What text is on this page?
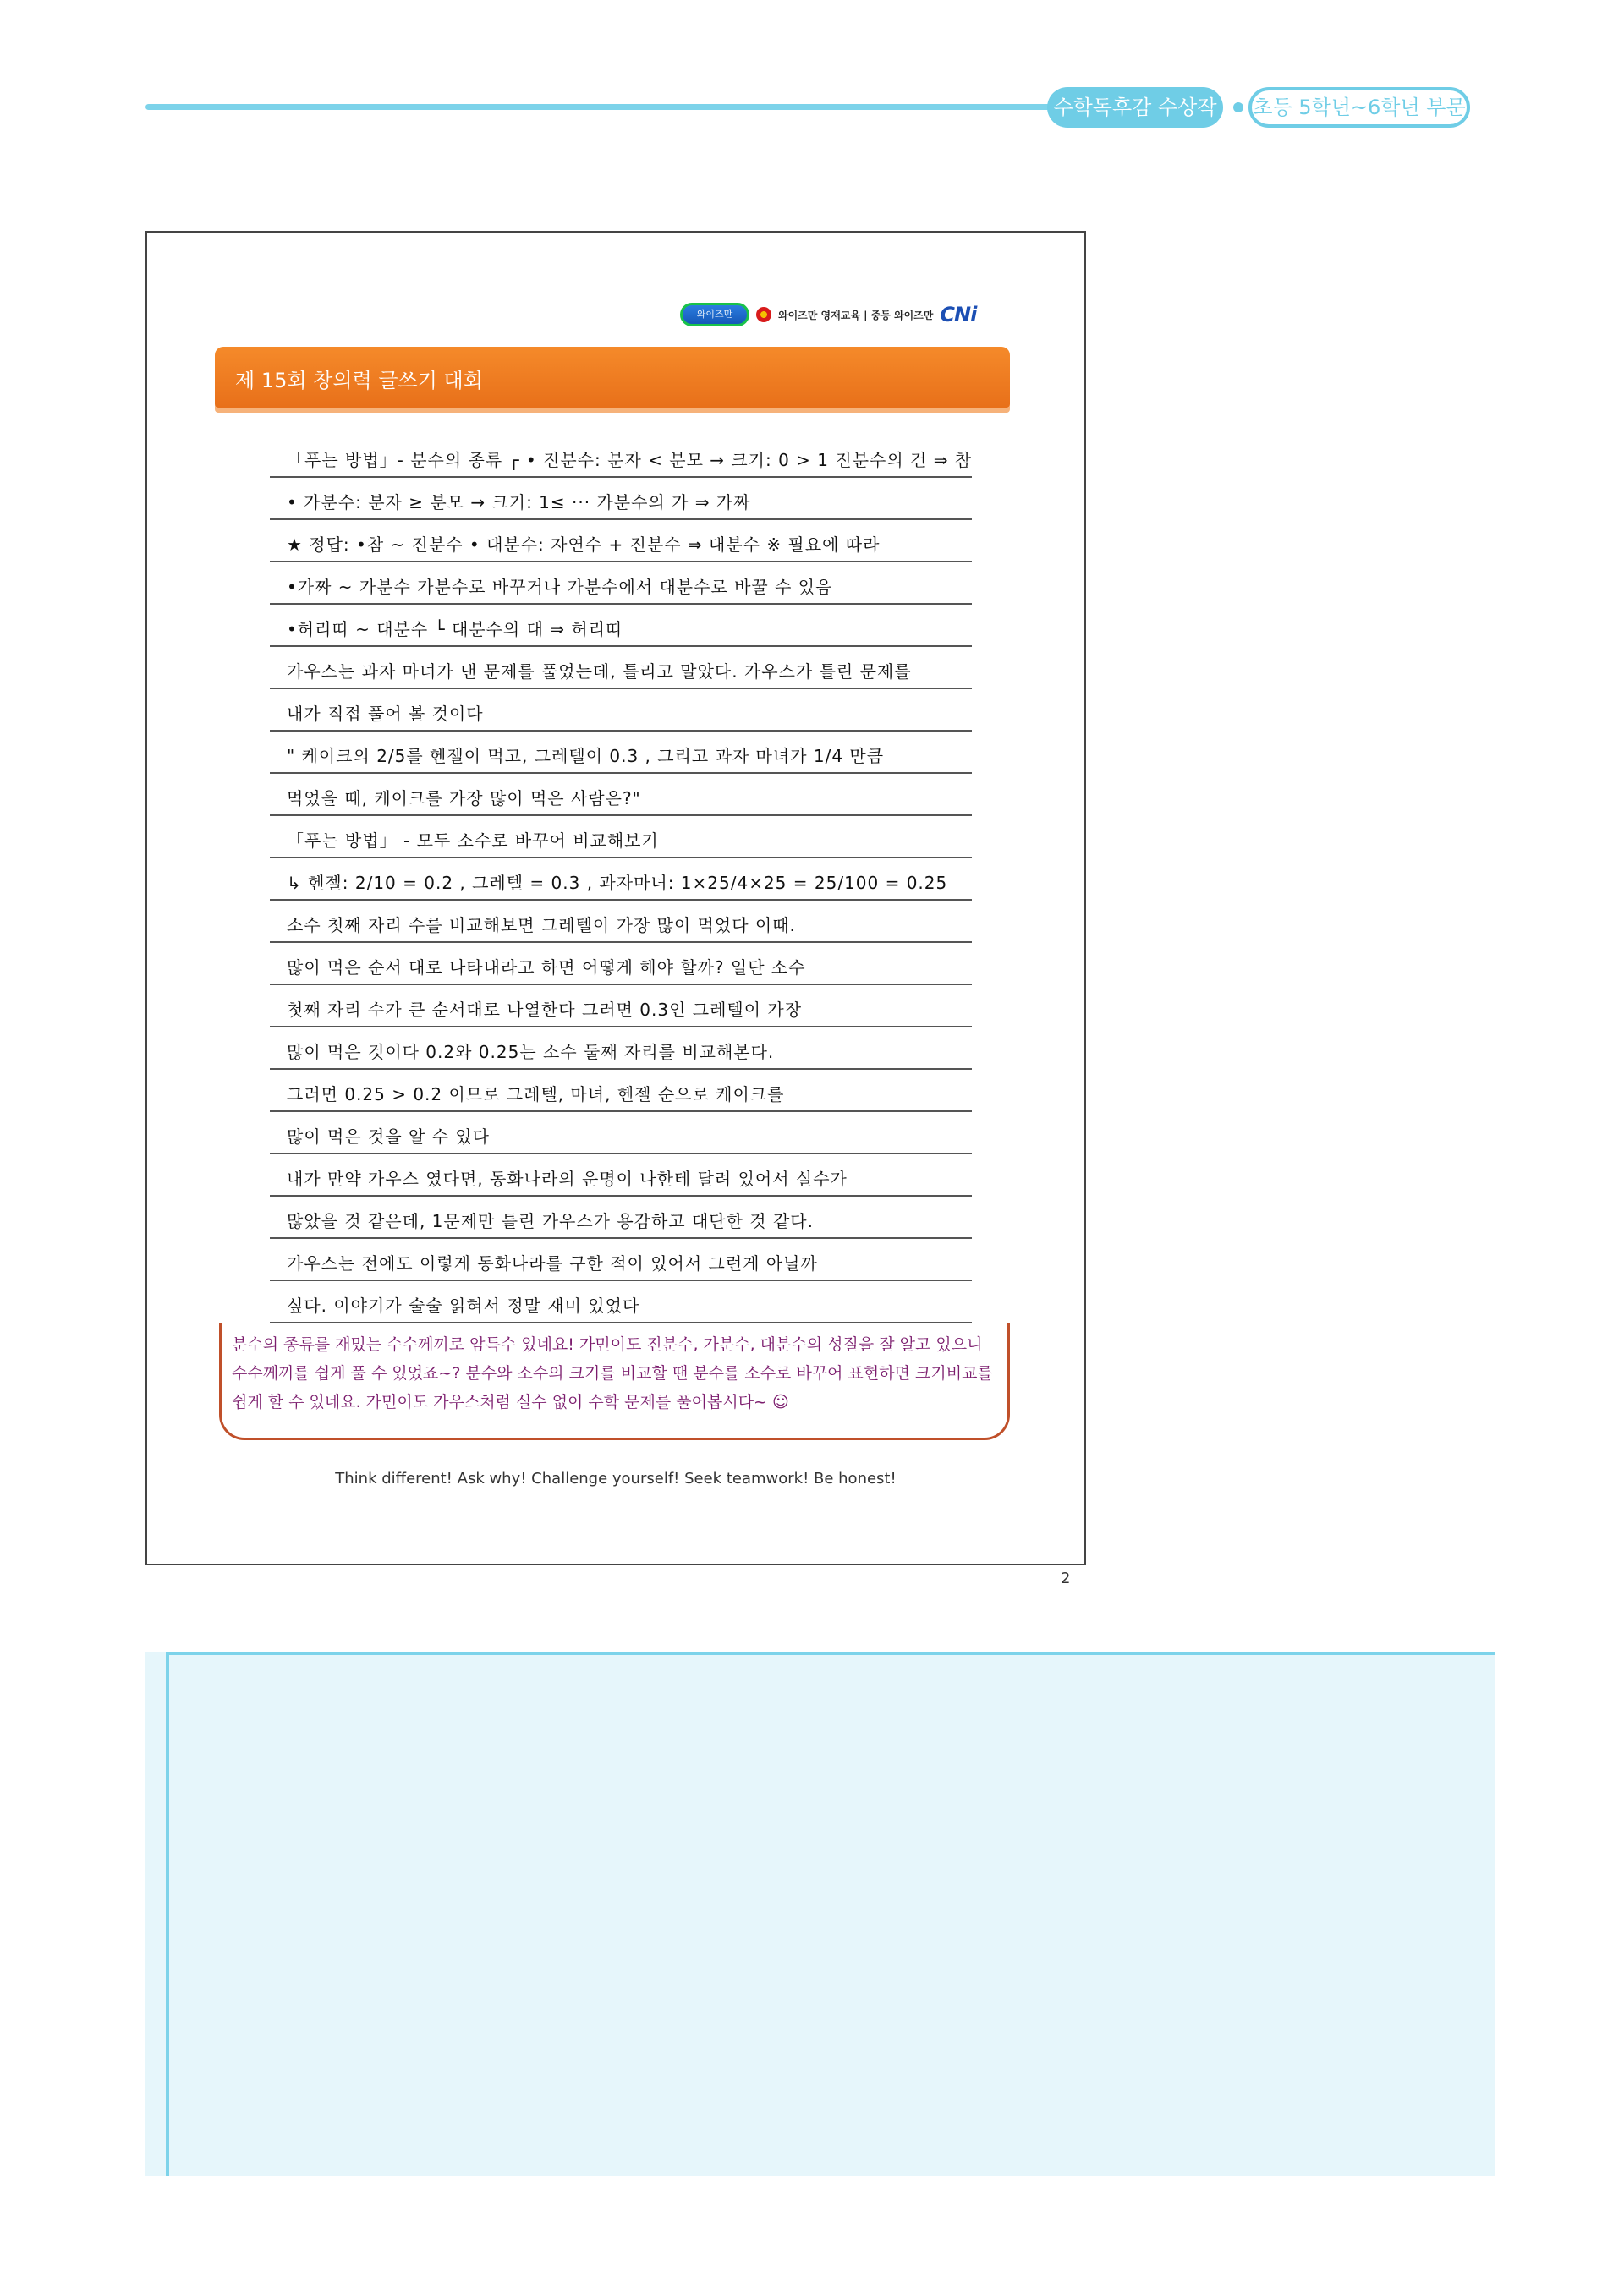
수학독후감 수상작	초등 5학년~6학년 부문
와이즈만	와이즈만 영재교육 | 중등 와이즈만 CNi
제 15회 창의력 글쓰기 대회
「푸는 방법」- 분수의 종류 ┌ • 진분수: 분자 < 분모 → 크기: 0 > 1 진분수의 건 ⇒ 참
• 가분수: 분자 ≥ 분모 → 크기: 1≤ ··· 가분수의 가 ⇒ 가짜
★ 정답: •참 ~ 진분수 • 대분수: 자연수 + 진분수 ⇒ 대분수 ※ 필요에 따라
•가짜 ~ 가분수 가분수로 바꾸거나 가분수에서 대분수로 바꿀 수 있음
•허리띠 ~ 대분수 └ 대분수의 대 ⇒ 허리띠
가우스는 과자 마녀가 낸 문제를 풀었는데, 틀리고 말았다. 가우스가 틀린 문제를
내가 직접 풀어 볼 것이다
" 케이크의 2/5를 헨젤이 먹고, 그레텔이 0.3 , 그리고 과자 마녀가 1/4 만큼
먹었을 때, 케이크를 가장 많이 먹은 사람은?"
「푸는 방법」 - 모두 소수로 바꾸어 비교해보기
↳ 헨젤: 2/10 = 0.2 , 그레텔 = 0.3 , 과자마녀: 1×25/4×25 = 25/100 = 0.25
소수 첫째 자리 수를 비교해보면 그레텔이 가장 많이 먹었다 이때.
많이 먹은 순서 대로 나타내라고 하면 어떻게 해야 할까? 일단 소수
첫째 자리 수가 큰 순서대로 나열한다 그러면 0.3인 그레텔이 가장
많이 먹은 것이다 0.2와 0.25는 소수 둘째 자리를 비교해본다.
그러면 0.25 > 0.2 이므로 그레텔, 마녀, 헨젤 순으로 케이크를
많이 먹은 것을 알 수 있다
내가 만약 가우스 였다면, 동화나라의 운명이 나한테 달려 있어서 실수가
많았을 것 같은데, 1문제만 틀린 가우스가 용감하고 대단한 것 같다.
가우스는 전에도 이렇게 동화나라를 구한 적이 있어서 그런게 아닐까
싶다. 이야기가 술술 읽혀서 정말 재미 있었다

분수의 종류를 재밌는 수수께끼로 암특수 있네요! 가민이도 진분수, 가분수, 대분수의 성질을 잘 알고 있으니 수수께끼를 쉽게 풀 수 있었죠~? 분수와 소수의 크기를 비교할 땐 분수를 소수로 바꾸어 표현하면 크기비교를 쉽게 할 수 있네요. 가민이도 가우스처럼 실수 없이 수학 문제를 풀어봅시다~ ☺

Think different! Ask why! Challenge yourself! Seek teamwork! Be honest!
2
